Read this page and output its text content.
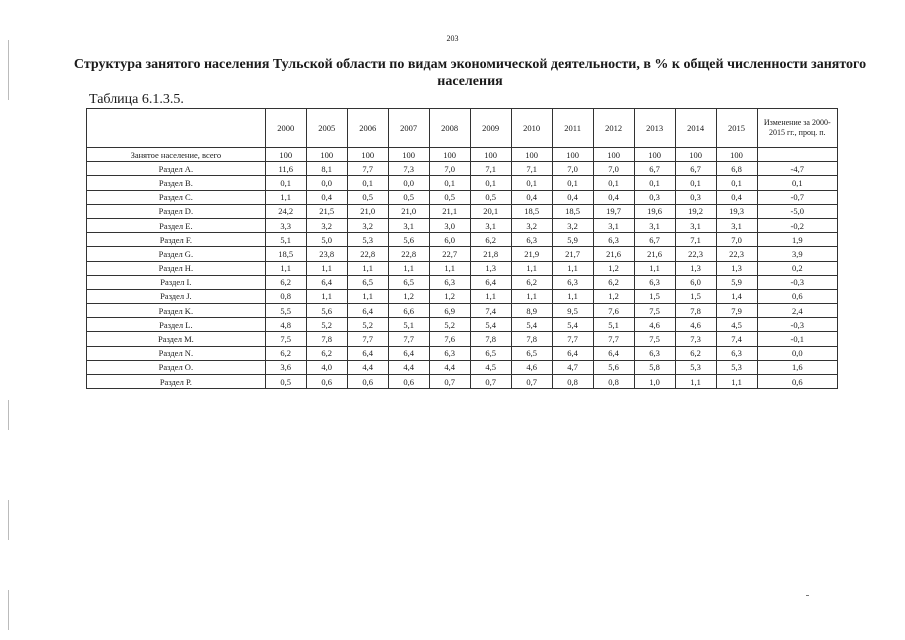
203
Структура занятого населения Тульской области по видам экономической деятельности, в % к общей численности занятого населения
Таблица 6.1.3.5.
	2000	2005	2006	2007	2008	2009	2010	2011	2012	2013	2014	2015	Изменение за 2000-2015 гг., проц. п.
Занятое население, всего	100	100	100	100	100	100	100	100	100	100	100	100	
Раздел A.	11,6	8,1	7,7	7,3	7,0	7,1	7,1	7,0	7,0	6,7	6,7	6,8	-4,7
Раздел B.	0,1	0,0	0,1	0,0	0,1	0,1	0,1	0,1	0,1	0,1	0,1	0,1	0,1
Раздел C.	1,1	0,4	0,5	0,5	0,5	0,5	0,4	0,4	0,4	0,3	0,3	0,4	-0,7
Раздел D.	24,2	21,5	21,0	21,0	21,1	20,1	18,5	18,5	19,7	19,6	19,2	19,3	-5,0
Раздел E.	3,3	3,2	3,2	3,1	3,0	3,1	3,2	3,2	3,1	3,1	3,1	3,1	-0,2
Раздел F.	5,1	5,0	5,3	5,6	6,0	6,2	6,3	5,9	6,3	6,7	7,1	7,0	1,9
Раздел G.	18,5	23,8	22,8	22,8	22,7	21,8	21,9	21,7	21,6	21,6	22,3	22,3	3,9
Раздел H.	1,1	1,1	1,1	1,1	1,1	1,3	1,1	1,1	1,2	1,1	1,3	1,3	0,2
Раздел I.	6,2	6,4	6,5	6,5	6,3	6,4	6,2	6,3	6,2	6,3	6,0	5,9	-0,3
Раздел J.	0,8	1,1	1,1	1,2	1,2	1,1	1,1	1,1	1,2	1,5	1,5	1,4	0,6
Раздел K.	5,5	5,6	6,4	6,6	6,9	7,4	8,9	9,5	7,6	7,5	7,8	7,9	2,4
Раздел L.	4,8	5,2	5,2	5,1	5,2	5,4	5,4	5,4	5,1	4,6	4,6	4,5	-0,3
Раздел M.	7,5	7,8	7,7	7,7	7,6	7,8	7,8	7,7	7,7	7,5	7,3	7,4	-0,1
Раздел N.	6,2	6,2	6,4	6,4	6,3	6,5	6,5	6,4	6,4	6,3	6,2	6,3	0,0
Раздел O.	3,6	4,0	4,4	4,4	4,4	4,5	4,6	4,7	5,6	5,8	5,3	5,3	1,6
Раздел P.	0,5	0,6	0,6	0,6	0,7	0,7	0,7	0,8	0,8	1,0	1,1	1,1	0,6
